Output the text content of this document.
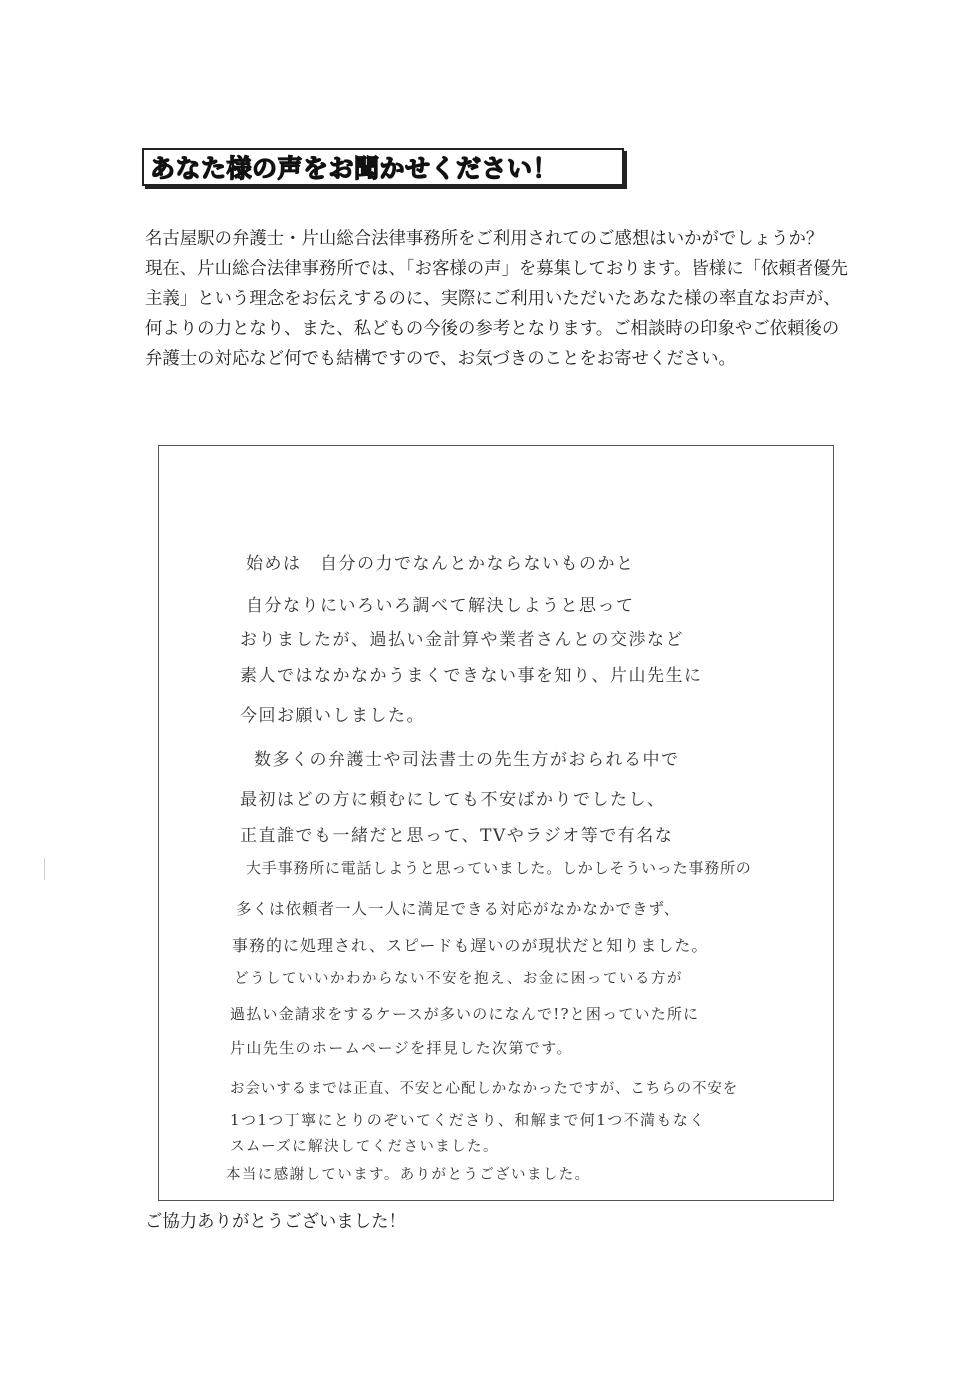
あなた様の声をお聞かせください！

名古屋駅の弁護士・片山総合法律事務所をご利用されてのご感想はいかがでしょうか？

現在、片山総合法律事務所では、「お客様の声」を募集しております。皆様に「依頼者優先主義」という理念をお伝えするのに、実際にご利用いただいたあなた様の率直なお声が、何よりの力となり、また、私どもの今後の参考となります。ご相談時の印象やご依頼後の弁護士の対応など何でも結構ですので、お気づきのことをお寄せください。

始めは　自分の力でなんとかならないものかと
自分なりにいろいろ調べて解決しようと思って
おりましたが、過払い金計算や業者さんとの交渉など
素人ではなかなかうまくできない事を知り、片山先生に
今回お願いしました。
数多くの弁護士や司法書士の先生方がおられる中で
最初はどの方に頼むにしても不安ばかりでしたし、
正直誰でも一緒だと思って、TVやラジオ等で有名な
大手事務所に電話しようと思っていました。しかしそういった事務所の
多くは依頼者一人一人に満足できる対応がなかなかできず、
事務的に処理され、スピードも遅いのが現状だと知りました。
どうしていいかわからない不安を抱え、お金に困っている方が
過払い金請求をするケースが多いのになんで!?と困っていた所に
片山先生のホームページを拝見した次第です。
お会いするまでは正直、不安と心配しかなかったですが、こちらの不安を
1つ1つ丁寧にとりのぞいてくださり、和解まで何1つ不満もなく
スムーズに解決してくださいました。
本当に感謝しています。ありがとうございました。
ご協力ありがとうございました！
